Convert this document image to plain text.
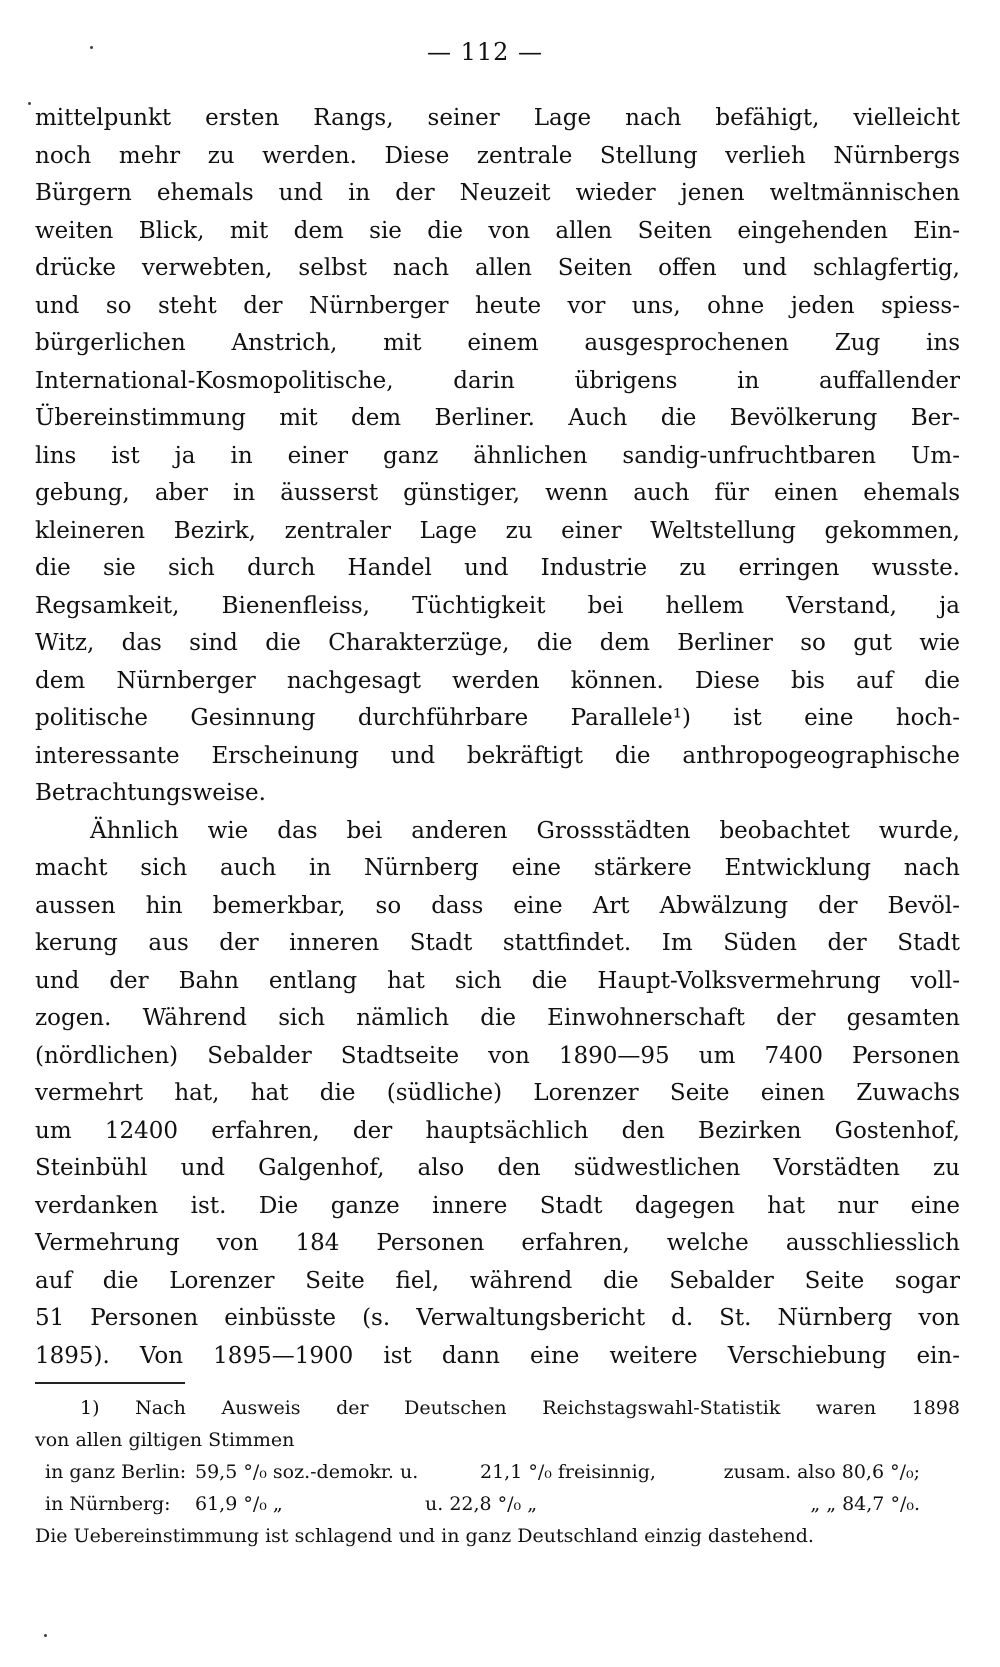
— 112 —
mittelpunkt ersten Rangs, seiner Lage nach befähigt, vielleicht
noch mehr zu werden. Diese zentrale Stellung verlieh Nürnbergs
Bürgern ehemals und in der Neuzeit wieder jenen weltmännischen
weiten Blick, mit dem sie die von allen Seiten eingehenden Ein-
drücke verwebten, selbst nach allen Seiten offen und schlagfertig,
und so steht der Nürnberger heute vor uns, ohne jeden spiess-
bürgerlichen Anstrich, mit einem ausgesprochenen Zug ins
International-Kosmopolitische, darin übrigens in auffallender
Übereinstimmung mit dem Berliner. Auch die Bevölkerung Ber-
lins ist ja in einer ganz ähnlichen sandig-unfruchtbaren Um-
gebung, aber in äusserst günstiger, wenn auch für einen ehemals
kleineren Bezirk, zentraler Lage zu einer Weltstellung gekommen,
die sie sich durch Handel und Industrie zu erringen wusste.
Regsamkeit, Bienenfleiss, Tüchtigkeit bei hellem Verstand, ja
Witz, das sind die Charakterzüge, die dem Berliner so gut wie
dem Nürnberger nachgesagt werden können. Diese bis auf die
politische Gesinnung durchführbare Parallele¹) ist eine hoch-
interessante Erscheinung und bekräftigt die anthropogeographische
Betrachtungsweise.
Ähnlich wie das bei anderen Grossstädten beobachtet wurde,
macht sich auch in Nürnberg eine stärkere Entwicklung nach
aussen hin bemerkbar, so dass eine Art Abwälzung der Bevöl-
kerung aus der inneren Stadt stattfindet. Im Süden der Stadt
und der Bahn entlang hat sich die Haupt-Volksvermehrung voll-
zogen. Während sich nämlich die Einwohnerschaft der gesamten
(nördlichen) Sebalder Stadtseite von 1890—95 um 7400 Personen
vermehrt hat, hat die (südliche) Lorenzer Seite einen Zuwachs
um 12400 erfahren, der hauptsächlich den Bezirken Gostenhof,
Steinbühl und Galgenhof, also den südwestlichen Vorstädten zu
verdanken ist. Die ganze innere Stadt dagegen hat nur eine
Vermehrung von 184 Personen erfahren, welche ausschliesslich
auf die Lorenzer Seite fiel, während die Sebalder Seite sogar
51 Personen einbüsste (s. Verwaltungsbericht d. St. Nürnberg von
1895). Von 1895—1900 ist dann eine weitere Verschiebung ein-
1) Nach Ausweis der Deutschen Reichstagswahl-Statistik waren 1898
von allen giltigen Stimmen
in ganz Berlin: 59,5 °/₀ soz.-demokr. u.	21,1 °/₀ freisinnig,	zusam. also 80,6 °/₀;
in Nürnberg: 61,9 °/₀ „	u. 22,8 °/₀ „	„ „ 84,7 °/₀.
Die Uebereinstimmung ist schlagend und in ganz Deutschland einzig dastehend.
